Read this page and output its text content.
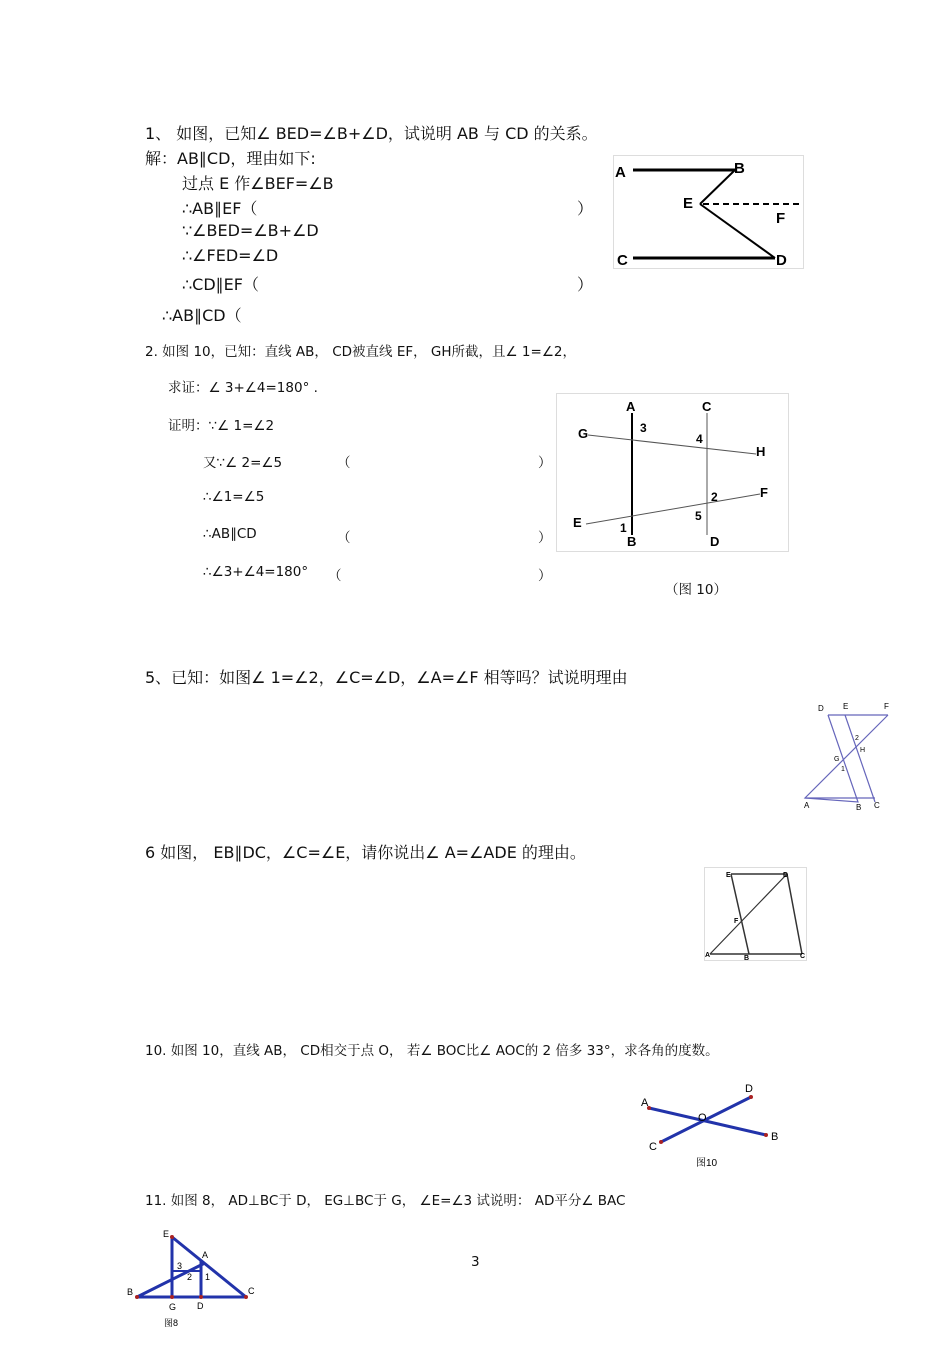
1、 如图，已知∠ BED=∠B+∠D，试说明 AB 与 CD 的关系。
解：AB∥CD，理由如下:
过点 E 作∠BEF=∠B
∴AB∥EF（	）
∵∠BED=∠B+∠D
∴∠FED=∠D
∴CD∥EF（	）
∴AB∥CD（
A	B
E
F
C	D
2. 如图 10，已知：直线 AB， CD被直线 EF， GH所截，且∠ 1=∠2，
求证：∠ 3+∠4=180° .
证明：∵∠ 1=∠2
又∵∠ 2=∠5	（	）
∴∠1=∠5
∴AB∥CD	（	）
∴∠3+∠4=180° （	）
（图 10）
A	C
G
H
E
F
B	D
1
2
3
4
5
5、已知：如图∠ 1=∠2，∠C=∠D，∠A=∠F 相等吗？试说明理由
D E	F
2
H
G
1
A	B C
6 如图， EB∥DC，∠C=∠E，请你说出∠ A=∠ADE 的理由。
E	D
F
A	B	C
10. 如图 10，直线 AB， CD相交于点 O， 若∠ BOC比∠ AOC的 2 倍多 33°，求各角的度数。
A
D
O
B
C
图10
11. 如图 8， AD⊥BC于 D， EG⊥BC于 G， ∠E=∠3 试说明： AD平分∠ BAC
E
A
3
2 1
B	C
G D
图8
3
